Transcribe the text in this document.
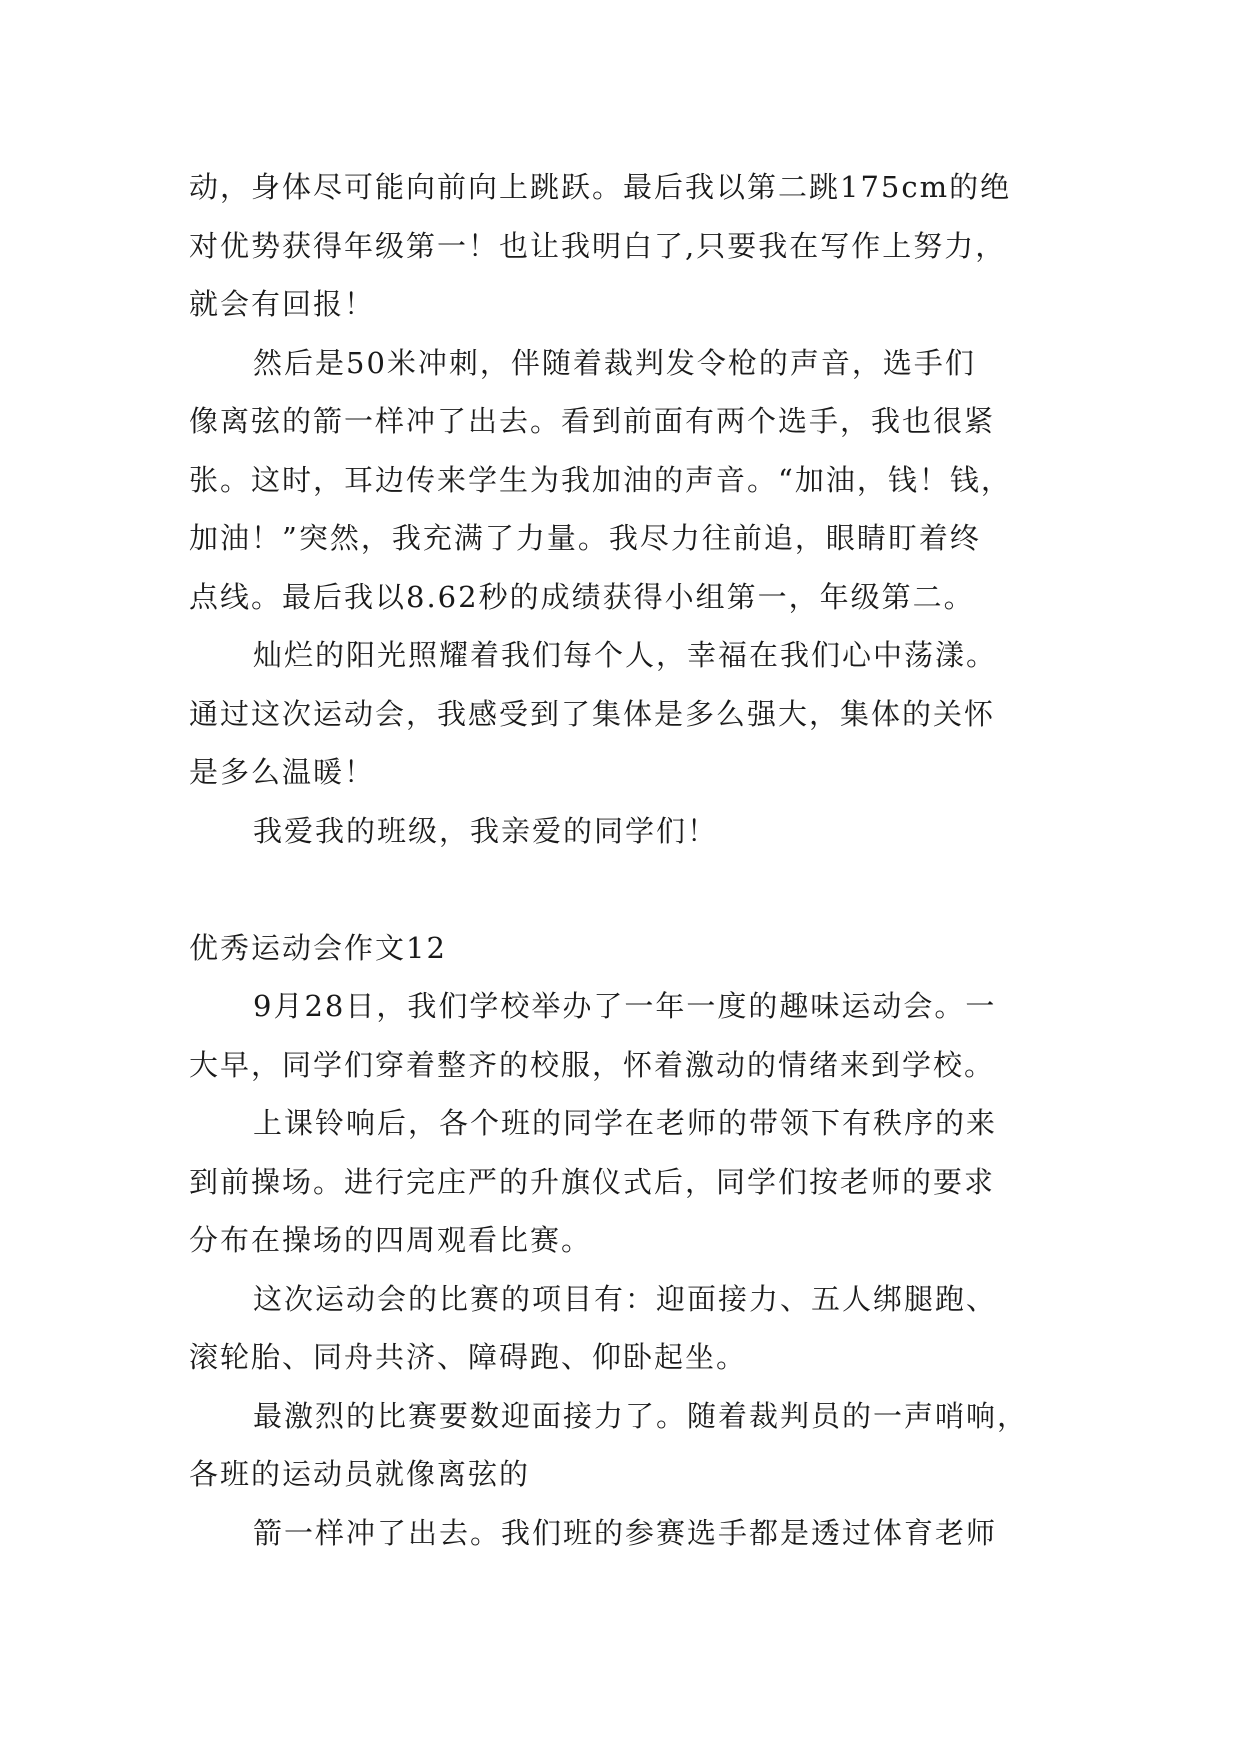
动，身体尽可能向前向上跳跃。最后我以第二跳175cm的绝
对优势获得年级第一！也让我明白了,只要我在写作上努力，
就会有回报！
然后是50米冲刺，伴随着裁判发令枪的声音，选手们
像离弦的箭一样冲了出去。看到前面有两个选手，我也很紧
张。这时，耳边传来学生为我加油的声音。“加油，钱！钱，
加油！”突然，我充满了力量。我尽力往前追，眼睛盯着终
点线。最后我以8.62秒的成绩获得小组第一，年级第二。
灿烂的阳光照耀着我们每个人，幸福在我们心中荡漾。
通过这次运动会，我感受到了集体是多么强大，集体的关怀
是多么温暖！
我爱我的班级，我亲爱的同学们！
优秀运动会作文12
9月28日，我们学校举办了一年一度的趣味运动会。一
大早，同学们穿着整齐的校服，怀着激动的情绪来到学校。
上课铃响后，各个班的同学在老师的带领下有秩序的来
到前操场。进行完庄严的升旗仪式后，同学们按老师的要求
分布在操场的四周观看比赛。
这次运动会的比赛的项目有：迎面接力、五人绑腿跑、
滚轮胎、同舟共济、障碍跑、仰卧起坐。
最激烈的比赛要数迎面接力了。随着裁判员的一声哨响，
各班的运动员就像离弦的
箭一样冲了出去。我们班的参赛选手都是透过体育老师
